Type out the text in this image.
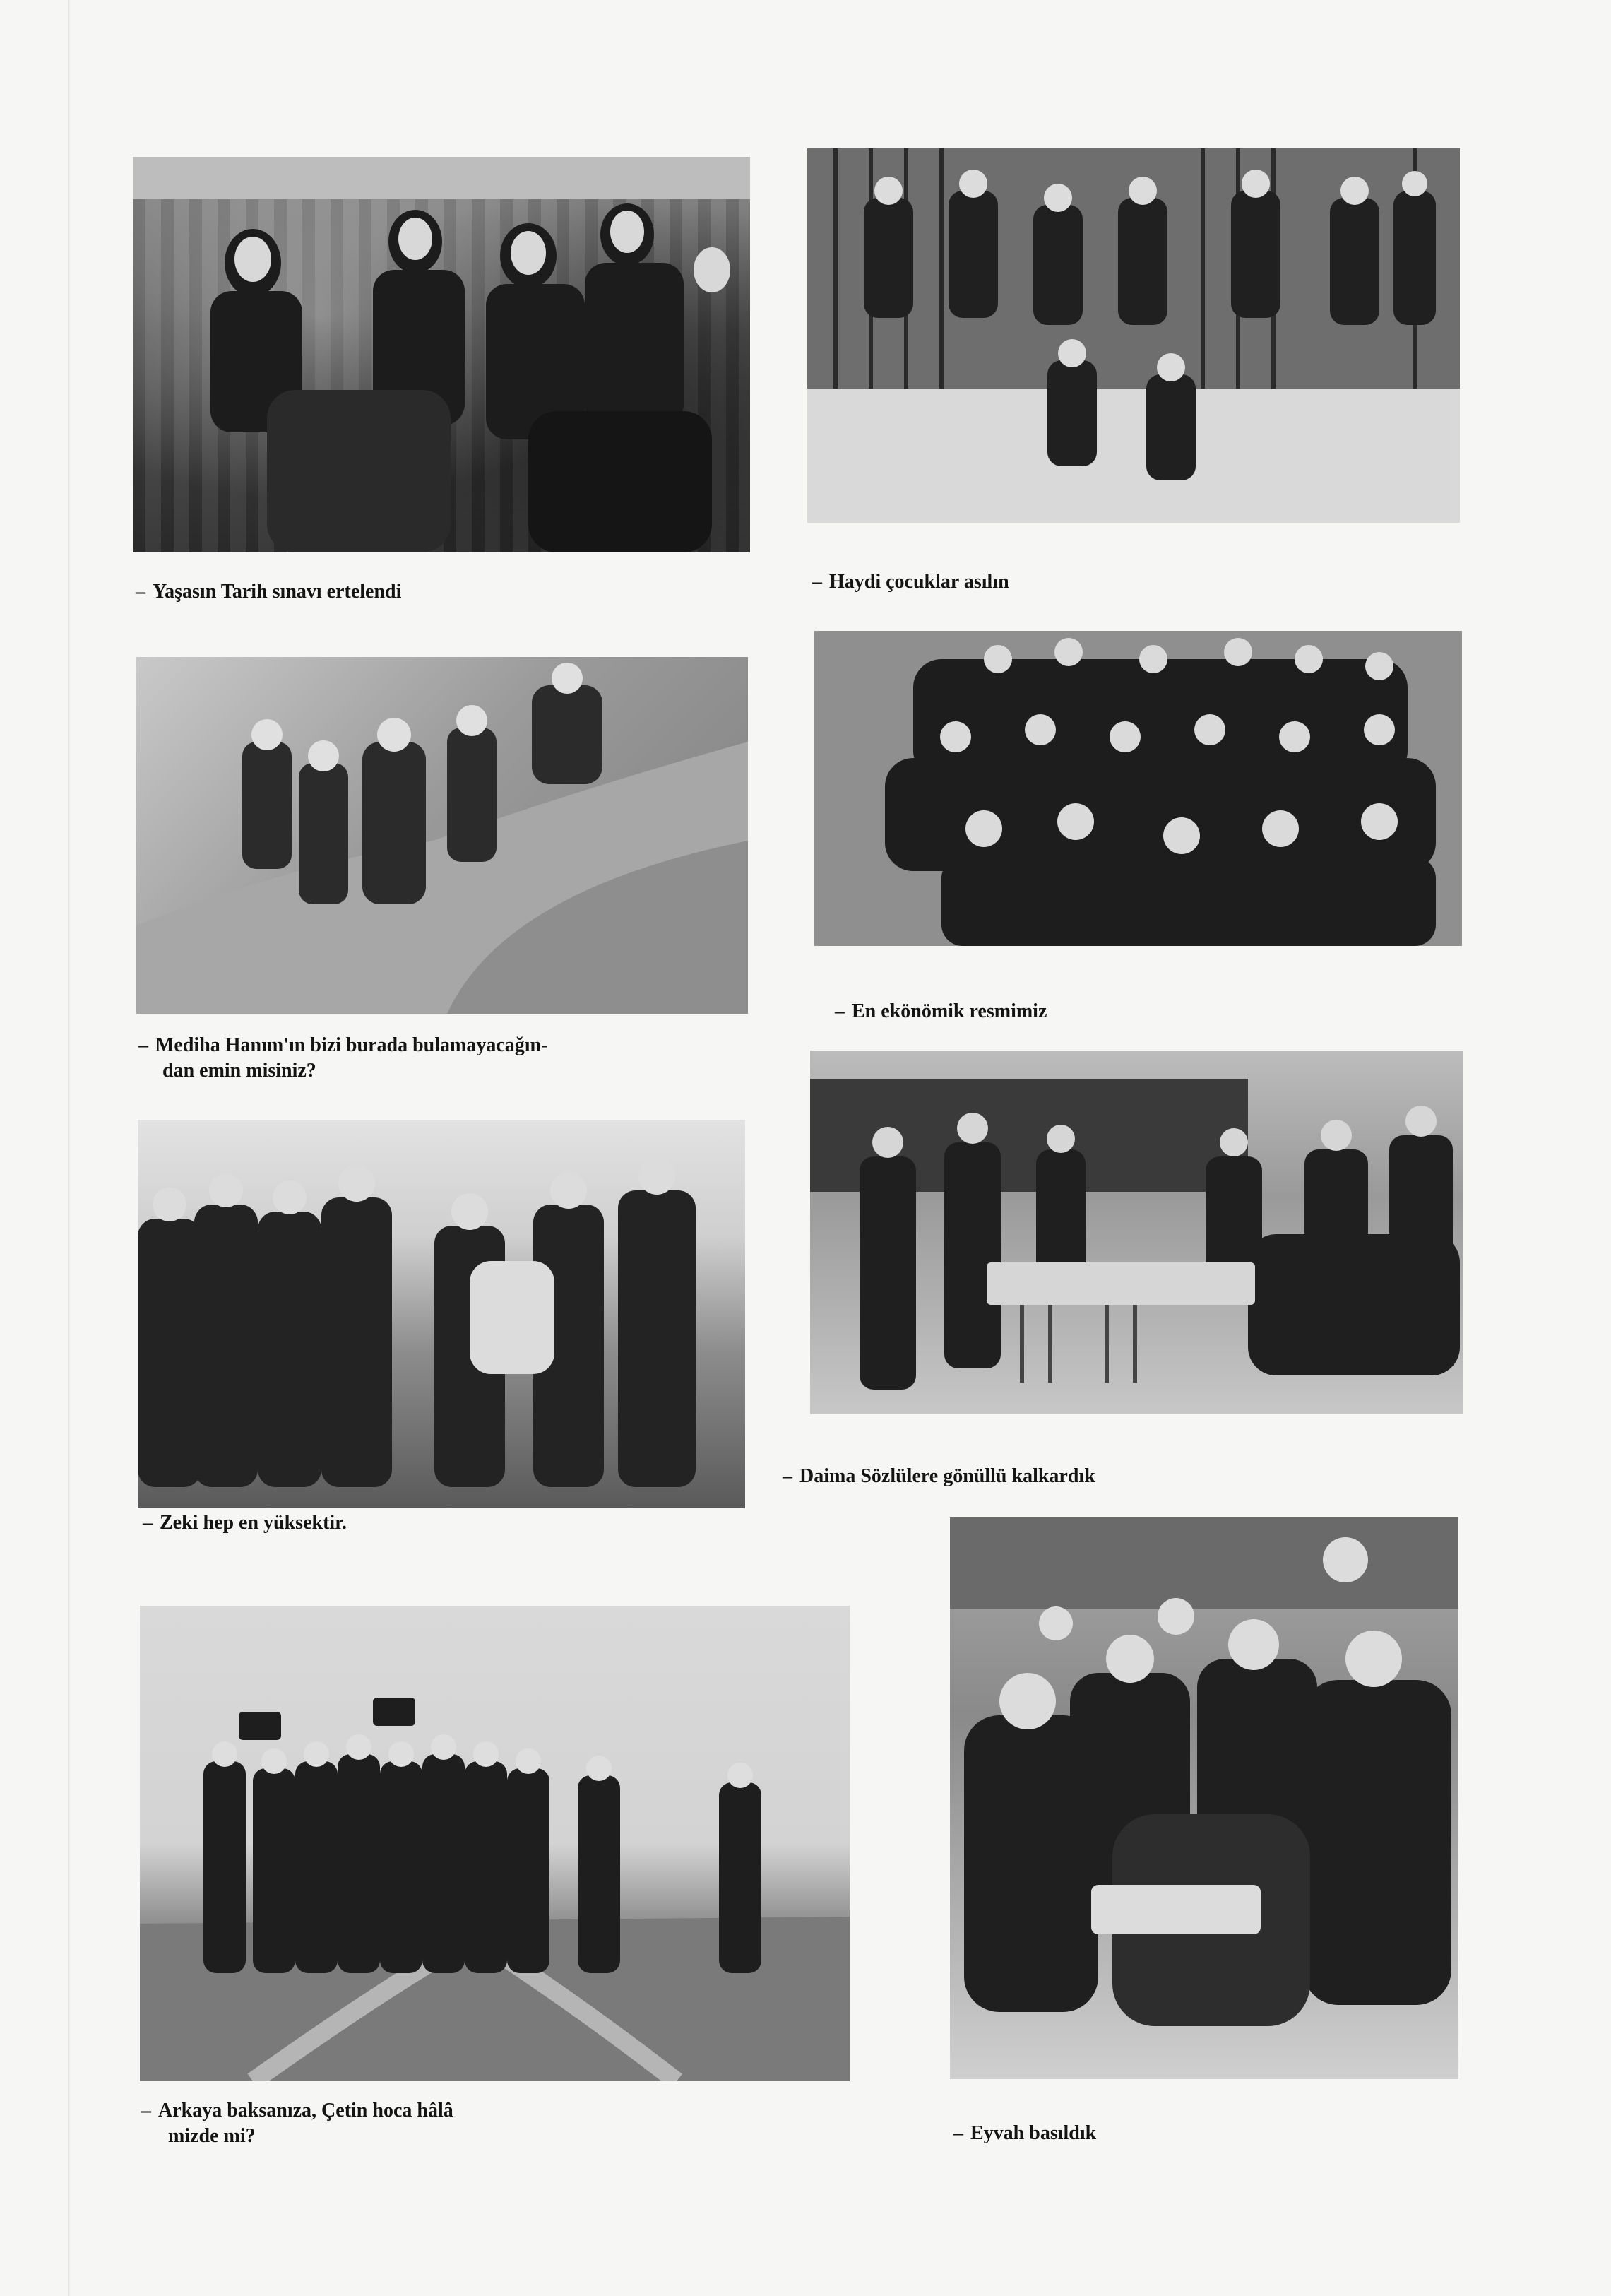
– Yaşasın Tarih sınavı ertelendi	– Haydi çocuklar asılın

– Mediha Hanım'ın bizi burada bulamayacağın-
dan emin misiniz?

– En ekönömik resmimiz

– Zeki hep en yüksektir.

– Daima Sözlülere gönüllü kalkardık

– Arkaya baksanıza, Çetin hoca hâlâ
mizde mi?	– Eyvah basıldık
